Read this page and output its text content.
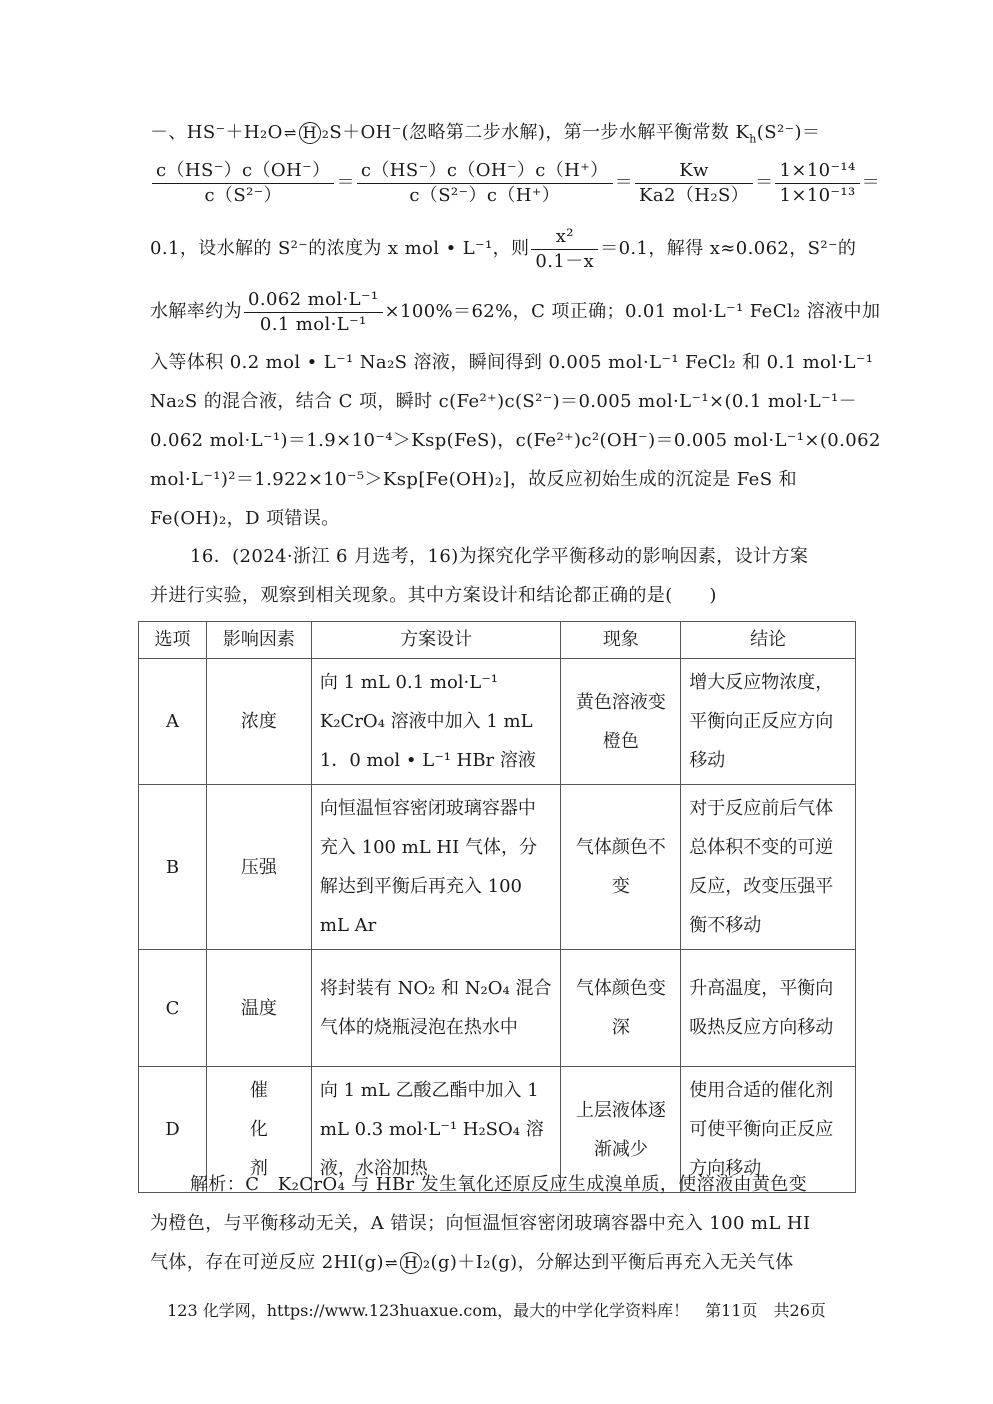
－、HS⁻＋H₂O⇌ H ₂S＋OH⁻(忽略第二步水解)，第一步水解平衡常数 $K_h(S^{2-})=$
$\frac{c(HS^-)c(OH^-)}{\text{c（S²⁻）}} = \frac{c(HS^-)c(OH^-)c(H^+)}{\text{c（S²⁻）c（H⁺）}} = \frac{Kw}{\text{Ka2（H₂S）}} = \frac{\text{1×10⁻¹⁴}}{\text{1×10⁻¹³}}$ ＝
0.1，设水解的 S²⁻的浓度为 x mol • L⁻¹，则 $\frac{\text{x²}}{0.1-x} =0.1$，解得 x≈0.062，S²⁻的
水解率约为 $\frac{\text{0.062 mol·L⁻¹}}{\text{0.1 mol·L⁻¹}} \times 100\%=62\%$，C 项正确；0.01 mol·L⁻¹ FeCl₂ 溶液中加
入等体积 0.2 mol • L⁻¹ Na₂S 溶液，瞬间得到 0.005 mol·L⁻¹ FeCl₂ 和 0.1 mol·L⁻¹
Na₂S 的混合液，结合 C 项，瞬时 c(Fe²⁺)c(S²⁻)＝0.005 mol·L⁻¹×(0.1 mol·L⁻¹－
0.062 mol·L⁻¹)＝1.9×10⁻⁴＞Ksp(FeS)，c(Fe²⁺)c²(OH⁻)＝0.005 mol·L⁻¹×(0.062
mol·L⁻¹)²＝1.922×10⁻⁵＞Ksp[Fe(OH)₂]，故反应初始生成的沉淀是 FeS 和
Fe(OH)₂，D 项错误。
16．(2024·浙江 6 月选考，16)为探究化学平衡移动的影响因素，设计方案
并进行实验，观察到相关现象。其中方案设计和结论都正确的是(　　)
选项	影响因素	方案设计	现象	结论
A	浓度	向 1 mL 0.1 mol·L⁻¹ K₂CrO₄ 溶液中加入 1 mL 1．0 mol • L⁻¹ HBr 溶液	黄色溶液变橙色	增大反应物浓度，平衡向正反应方向移动
B	压强	向恒温恒容密闭玻璃容器中充入 100 mL HI 气体，分解达到平衡后再充入 100 mL Ar	气体颜色不变	对于反应前后气体总体积不变的可逆反应，改变压强平衡不移动
C	温度	将封装有 NO₂ 和 N₂O₄ 混合气体的烧瓶浸泡在热水中	气体颜色变深	升高温度，平衡向吸热反应方向移动
D	催化剂	向 1 mL 乙酸乙酯中加入 1 mL 0.3 mol·L⁻¹ H₂SO₄ 溶液，水浴加热	上层液体逐渐减少	使用合适的催化剂可使平衡向正反应方向移动
解析：C　K₂CrO₄ 与 HBr 发生氧化还原反应生成溴单质，使溶液由黄色变
为橙色，与平衡移动无关，A 错误；向恒温恒容密闭玻璃容器中充入 100 mL HI
气体，存在可逆反应 2HI(g)⇌ H ₂(g)＋I₂(g)，分解达到平衡后再充入无关气体
123 化学网，https://www.123huaxue.com，最大的中学化学资料库！　第11页　共26页
